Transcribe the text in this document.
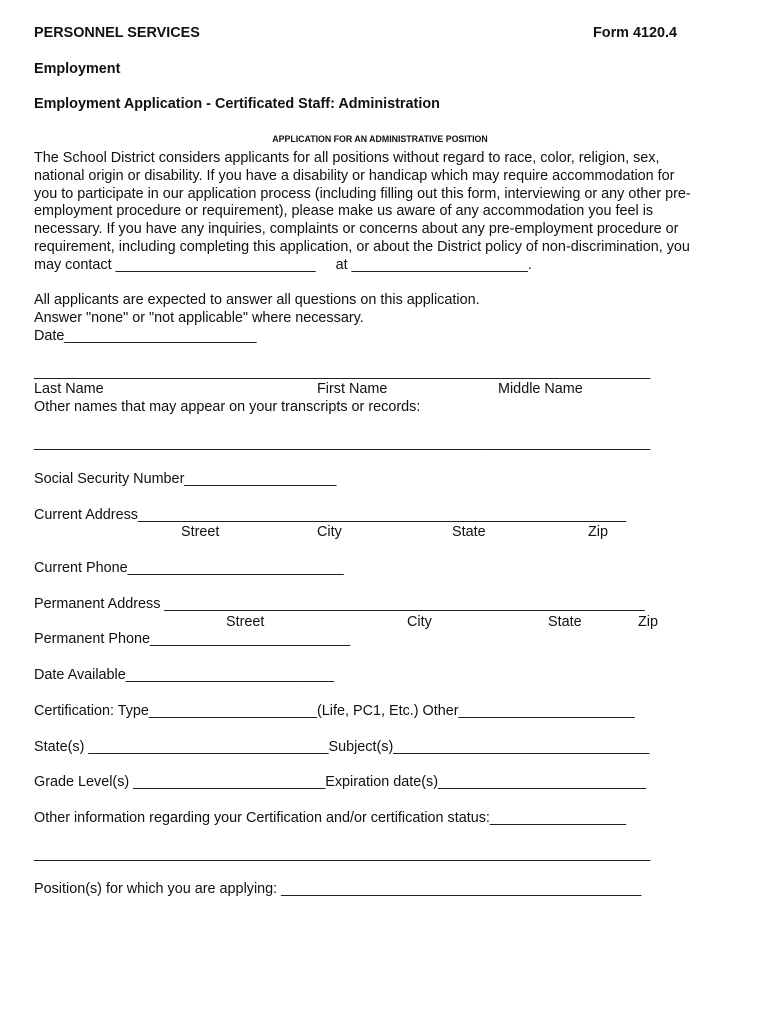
PERSONNEL SERVICES	Form 4120.4
Employment
Employment Application - Certificated Staff: Administration
APPLICATION FOR AN ADMINISTRATIVE POSITION
The School District considers applicants for all positions without regard to race, color, religion, sex,
national origin or disability. If you have a disability or handicap which may require accommodation for
you to participate in our application process (including filling out this form, interviewing or any other pre-
employment procedure or requirement), please make us aware of any accommodation you feel is
necessary. If you have any inquiries, complaints or concerns about any pre-employment procedure or
requirement, including completing this application, or about the District policy of non-discrimination, you
may contact _________________________     at ______________________.
All applicants are expected to answer all questions on this application.
Answer "none" or "not applicable" where necessary.
Date________________________
_____________________________________________________________________________
Last Name	First Name	Middle Name
Other names that may appear on your transcripts or records:
_____________________________________________________________________________
Social Security Number___________________
Current Address_____________________________________________________________
Street	City	State	Zip
Current Phone___________________________
Permanent Address ____________________________________________________________
Street	City	State	Zip
Permanent Phone_________________________
Date Available__________________________
Certification: Type_____________________(Life, PC1, Etc.) Other______________________
State(s) ______________________________Subject(s)________________________________
Grade Level(s) ________________________Expiration date(s)__________________________
Other information regarding your Certification and/or certification status:_________________
_____________________________________________________________________________
Position(s) for which you are applying: _____________________________________________
